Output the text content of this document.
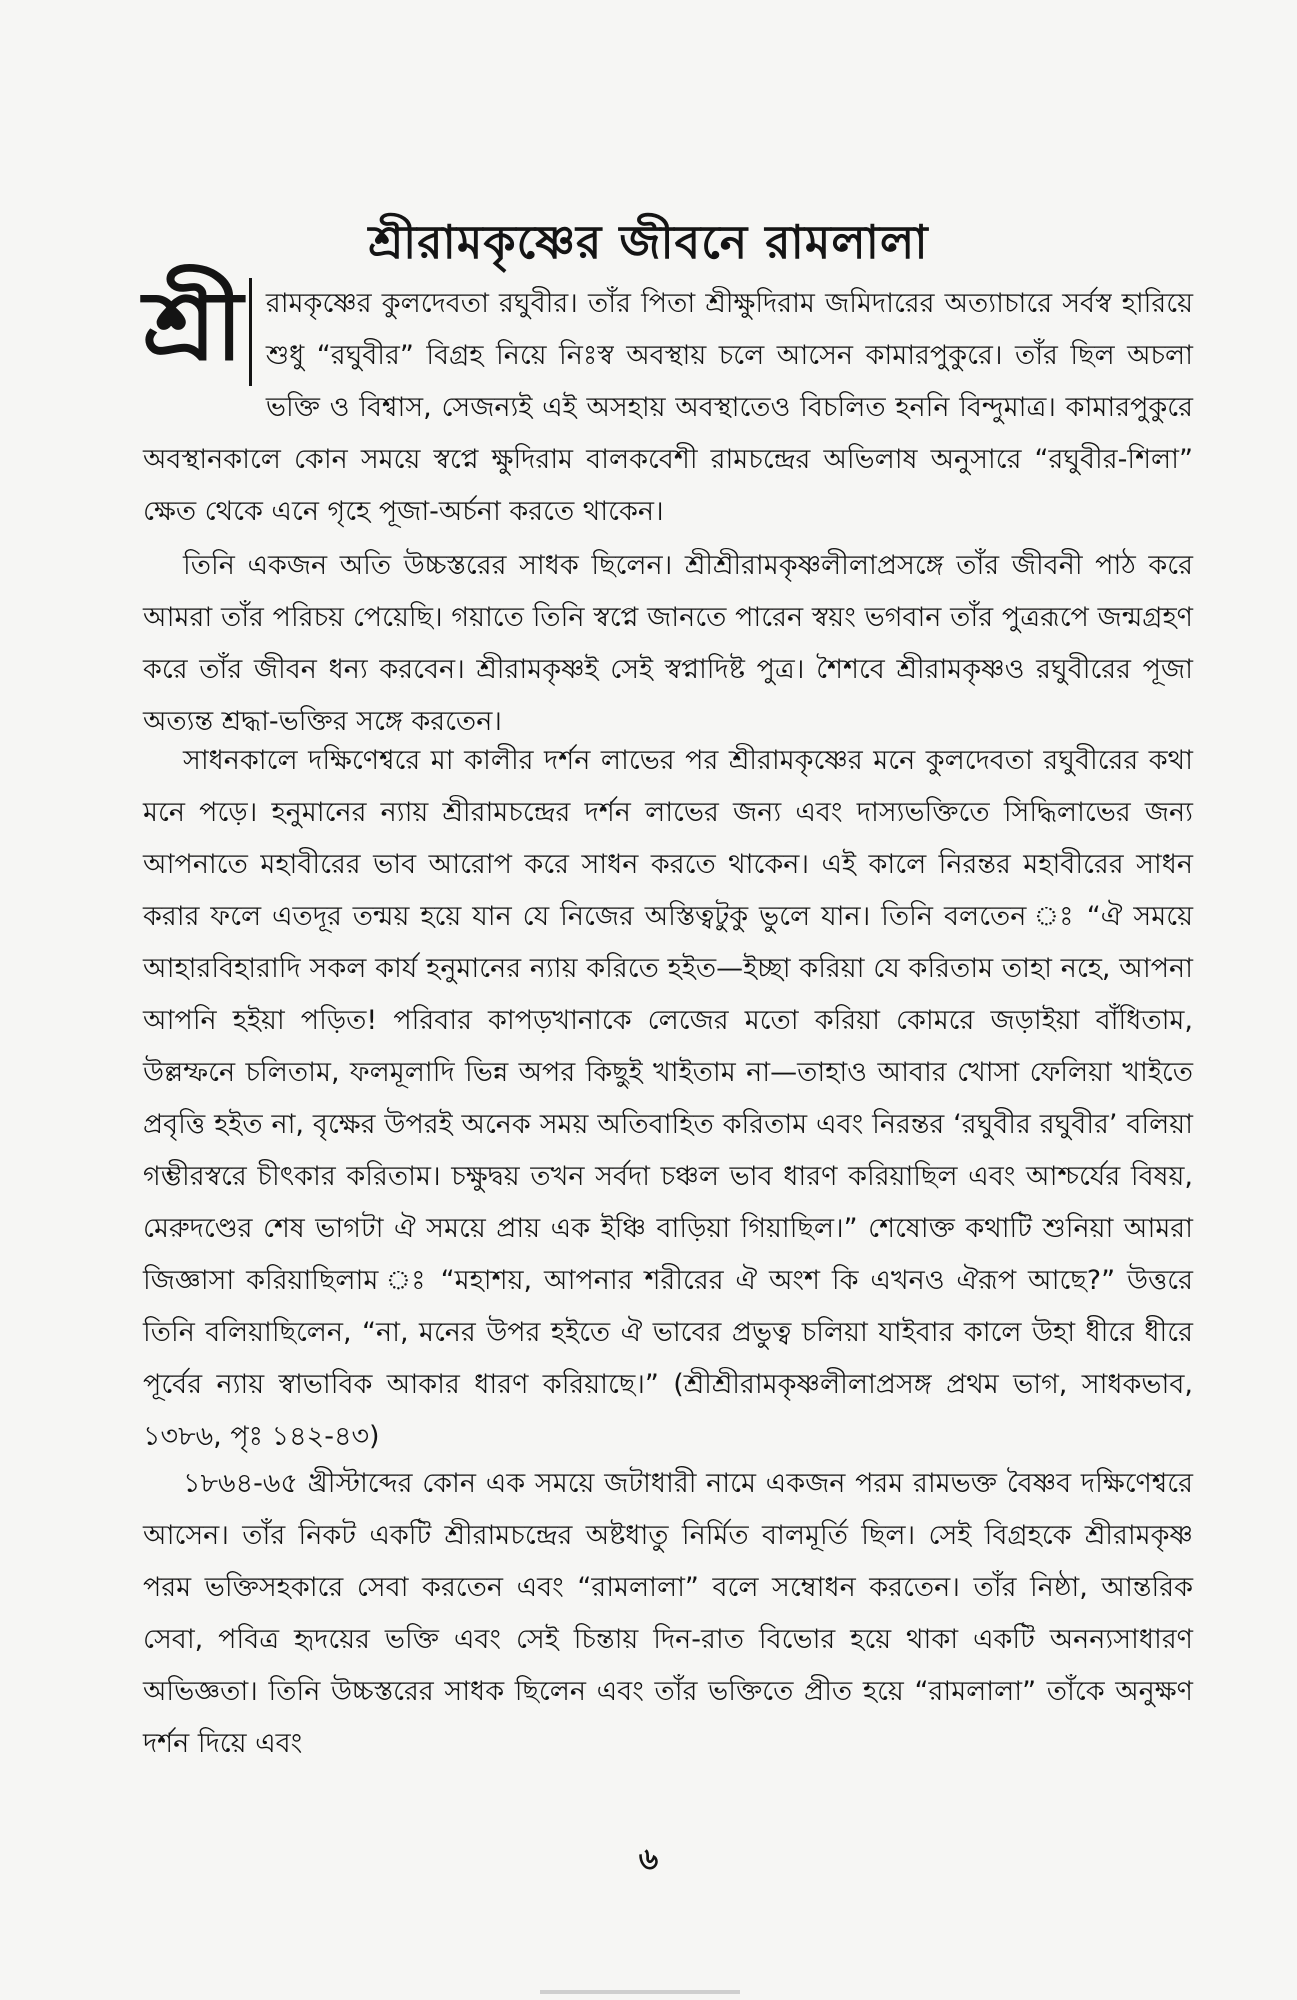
শ্রীরামকৃষ্ণের জীবনে রামলালা
শ্রী রামকৃষ্ণের কুলদেবতা রঘুবীর। তাঁর পিতা শ্রীক্ষুদিরাম জমিদারের অত্যাচারে সর্বস্ব হারিয়ে শুধু “রঘুবীর” বিগ্রহ নিয়ে নিঃস্ব অবস্থায় চলে আসেন কামারপুকুরে। তাঁর ছিল অচলা ভক্তি ও বিশ্বাস, সেজন্যই এই অসহায় অবস্থাতেও বিচলিত হননি বিন্দুমাত্র। কামারপুকুরে অবস্থানকালে কোন সময়ে স্বপ্নে ক্ষুদিরাম বালকবেশী রামচন্দ্রের অভিলাষ অনুসারে “রঘুবীর-শিলা” ক্ষেত থেকে এনে গৃহে পূজা-অর্চনা করতে থাকেন।

তিনি একজন অতি উচ্চস্তরের সাধক ছিলেন। শ্রীশ্রীরামকৃষ্ণলীলাপ্রসঙ্গে তাঁর জীবনী পাঠ করে আমরা তাঁর পরিচয় পেয়েছি। গয়াতে তিনি স্বপ্নে জানতে পারেন স্বয়ং ভগবান তাঁর পুত্ররূপে জন্মগ্রহণ করে তাঁর জীবন ধন্য করবেন। শ্রীরামকৃষ্ণই সেই স্বপ্নাদিষ্ট পুত্র। শৈশবে শ্রীরামকৃষ্ণও রঘুবীরের পূজা অত্যন্ত শ্রদ্ধা-ভক্তির সঙ্গে করতেন।

সাধনকালে দক্ষিণেশ্বরে মা কালীর দর্শন লাভের পর শ্রীরামকৃষ্ণের মনে কুলদেবতা রঘুবীরের কথা মনে পড়ে। হনুমানের ন্যায় শ্রীরামচন্দ্রের দর্শন লাভের জন্য এবং দাস্যভক্তিতে সিদ্ধিলাভের জন্য আপনাতে মহাবীরের ভাব আরোপ করে সাধন করতে থাকেন। এই কালে নিরন্তর মহাবীরের সাধন করার ফলে এতদূর তন্ময় হয়ে যান যে নিজের অস্তিত্বটুকু ভুলে যান। তিনি বলতেন ঃ “ঐ সময়ে আহারবিহারাদি সকল কার্য হনুমানের ন্যায় করিতে হইত—ইচ্ছা করিয়া যে করিতাম তাহা নহে, আপনা আপনি হইয়া পড়িত! পরিবার কাপড়খানাকে লেজের মতো করিয়া কোমরে জড়াইয়া বাঁধিতাম, উল্লম্ফনে চলিতাম, ফলমূলাদি ভিন্ন অপর কিছুই খাইতাম না—তাহাও আবার খোসা ফেলিয়া খাইতে প্রবৃত্তি হইত না, বৃক্ষের উপরই অনেক সময় অতিবাহিত করিতাম এবং নিরন্তর ‘রঘুবীর রঘুবীর’ বলিয়া গম্ভীরস্বরে চীৎকার করিতাম। চক্ষুদ্বয় তখন সর্বদা চঞ্চল ভাব ধারণ করিয়াছিল এবং আশ্চর্যের বিষয়, মেরুদণ্ডের শেষ ভাগটা ঐ সময়ে প্রায় এক ইঞ্চি বাড়িয়া গিয়াছিল।” শেষোক্ত কথাটি শুনিয়া আমরা জিজ্ঞাসা করিয়াছিলাম ঃ “মহাশয়, আপনার শরীরের ঐ অংশ কি এখনও ঐরূপ আছে?” উত্তরে তিনি বলিয়াছিলেন, “না, মনের উপর হইতে ঐ ভাবের প্রভুত্ব চলিয়া যাইবার কালে উহা ধীরে ধীরে পূর্বের ন্যায় স্বাভাবিক আকার ধারণ করিয়াছে।” (শ্রীশ্রীরামকৃষ্ণলীলাপ্রসঙ্গ প্রথম ভাগ, সাধকভাব, ১৩৮৬, পৃঃ ১৪২-৪৩)

১৮৬৪-৬৫ খ্রীস্টাব্দের কোন এক সময়ে জটাধারী নামে একজন পরম রামভক্ত বৈষ্ণব দক্ষিণেশ্বরে আসেন। তাঁর নিকট একটি শ্রীরামচন্দ্রের অষ্টধাতু নির্মিত বালমূর্তি ছিল। সেই বিগ্রহকে শ্রীরামকৃষ্ণ পরম ভক্তিসহকারে সেবা করতেন এবং “রামলালা” বলে সম্বোধন করতেন। তাঁর নিষ্ঠা, আন্তরিক সেবা, পবিত্র হৃদয়ের ভক্তি এবং সেই চিন্তায় দিন-রাত বিভোর হয়ে থাকা একটি অনন্যসাধারণ অভিজ্ঞতা। তিনি উচ্চস্তরের সাধক ছিলেন এবং তাঁর ভক্তিতে প্রীত হয়ে “রামলালা” তাঁকে অনুক্ষণ দর্শন দিয়ে এবং

৬
